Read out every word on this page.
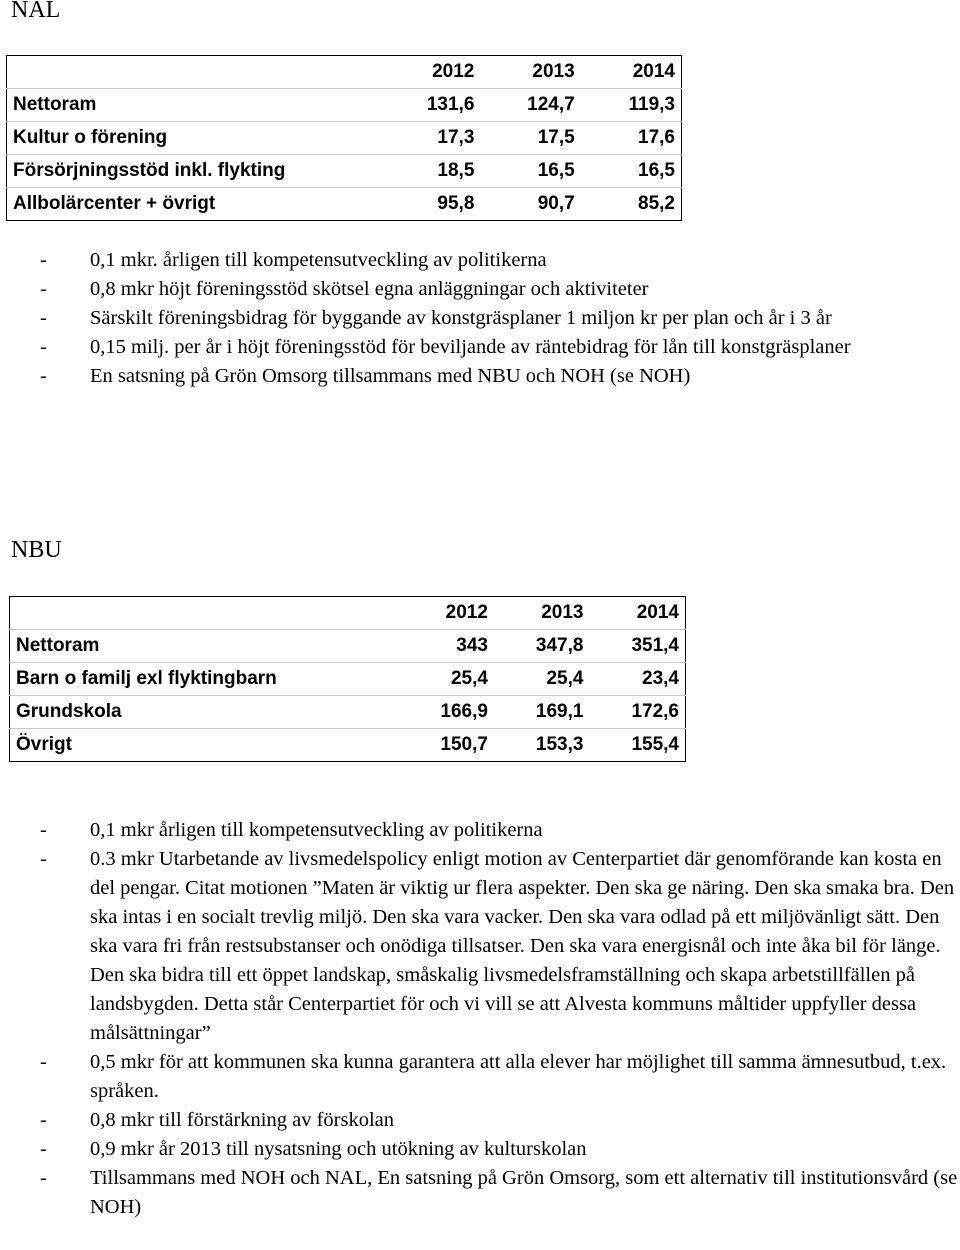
NAL
	2012	2013	2014
Nettoram	131,6	124,7	119,3
Kultur o förening	17,3	17,5	17,6
Försörjningsstöd inkl. flykting	18,5	16,5	16,5
Allbolärcenter + övrigt	95,8	90,7	85,2
- 0,1 mkr. årligen till kompetensutveckling av politikerna
- 0,8 mkr höjt föreningsstöd skötsel egna anläggningar och aktiviteter
- Särskilt föreningsbidrag för byggande av konstgräsplaner 1 miljon kr per plan och år i 3 år
- 0,15 milj. per år i höjt föreningsstöd för beviljande av räntebidrag för lån till konstgräsplaner
- En satsning på Grön Omsorg tillsammans med NBU och NOH (se NOH)
NBU
	2012	2013	2014
Nettoram	343	347,8	351,4
Barn o familj exl flyktingbarn	25,4	25,4	23,4
Grundskola	166,9	169,1	172,6
Övrigt	150,7	153,3	155,4
- 0,1 mkr årligen till kompetensutveckling av politikerna
- 0.3 mkr Utarbetande av livsmedelspolicy enligt motion av Centerpartiet där genomförande kan kosta en del pengar. Citat motionen ”Maten är viktig ur flera aspekter. Den ska ge näring. Den ska smaka bra. Den ska intas i en socialt trevlig miljö. Den ska vara vacker. Den ska vara odlad på ett miljövänligt sätt. Den ska vara fri från restsubstanser och onödiga tillsatser. Den ska vara energisnål och inte åka bil för länge. Den ska bidra till ett öppet landskap, småskalig livsmedelsframställning och skapa arbetstillfällen på landsbygden. Detta står Centerpartiet för och vi vill se att Alvesta kommuns måltider uppfyller dessa målsättningar”
- 0,5 mkr för att kommunen ska kunna garantera att alla elever har möjlighet till samma ämnesutbud, t.ex. språken.
- 0,8 mkr till förstärkning av förskolan
- 0,9 mkr år 2013 till nysatsning och utökning av kulturskolan
- Tillsammans med NOH och NAL, En satsning på Grön Omsorg, som ett alternativ till institutionsvård (se NOH)
